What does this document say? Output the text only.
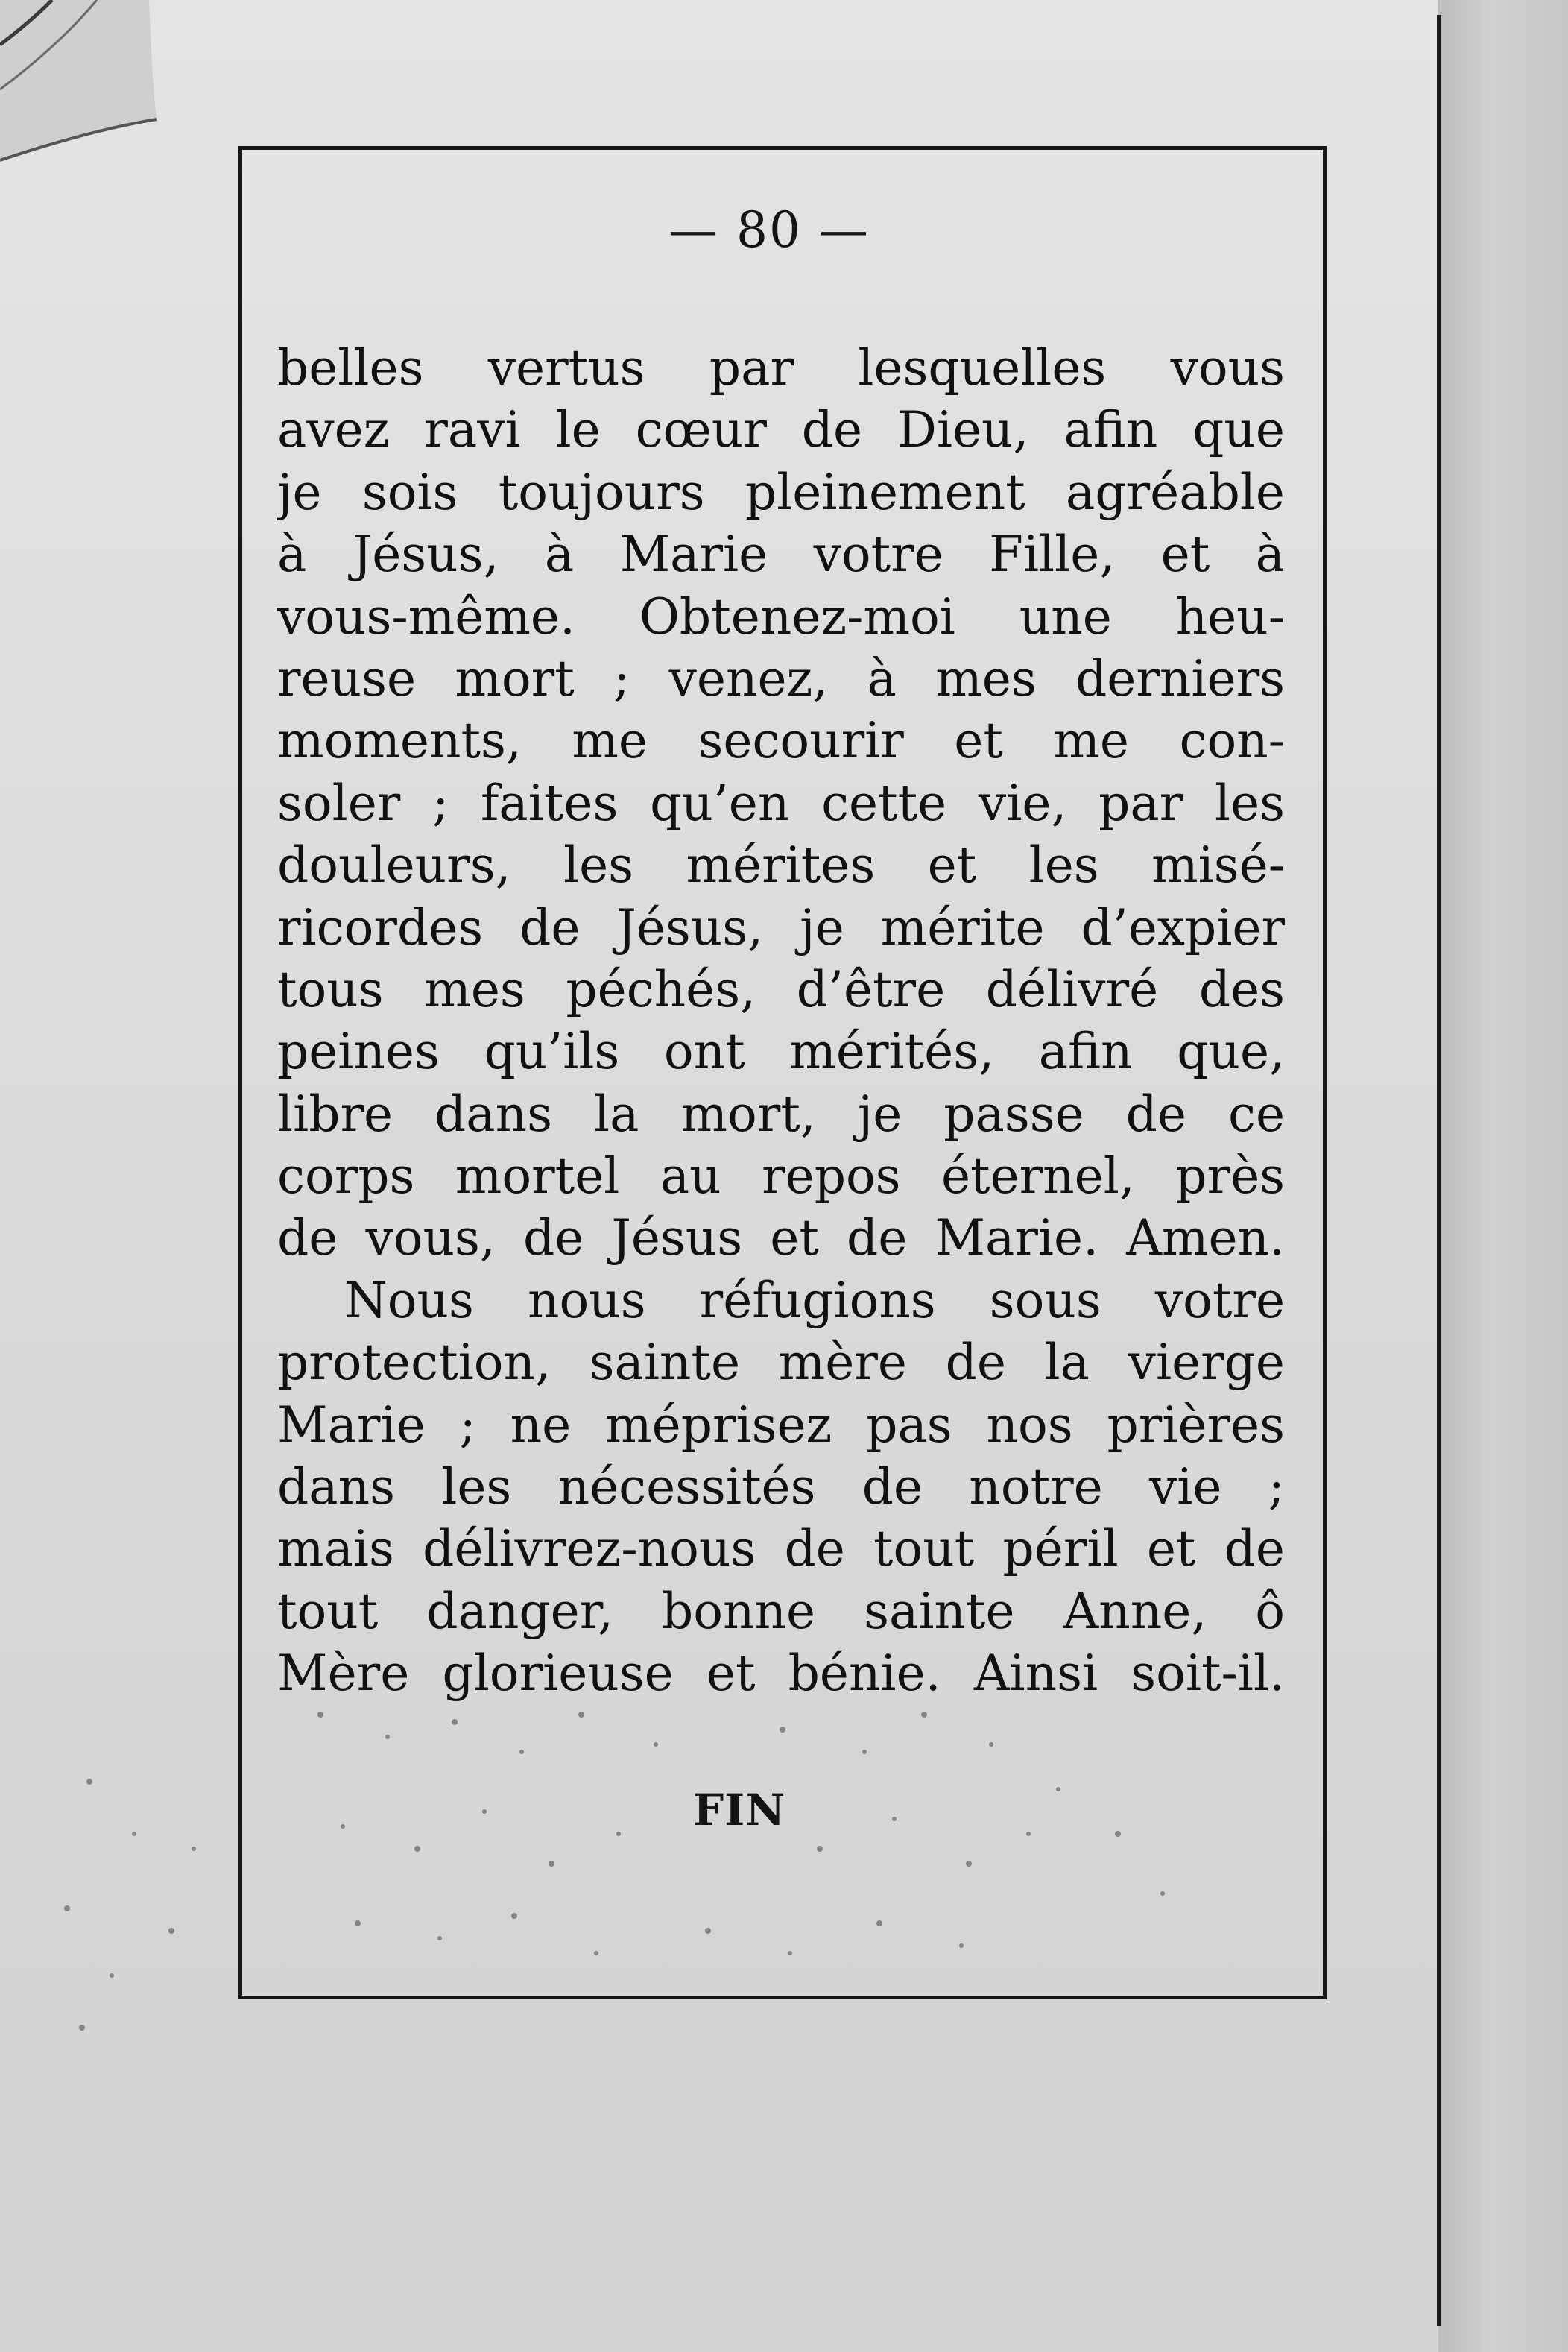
— 80 —
belles vertus par lesquelles vous
avez ravi le cœur de Dieu, afin que
je sois toujours pleinement agréable
à Jésus, à Marie votre Fille, et à
vous-même. Obtenez-moi une heu-
reuse mort ; venez, à mes derniers
moments, me secourir et me con-
soler ; faites qu’en cette vie, par les
douleurs, les mérites et les misé-
ricordes de Jésus, je mérite d’expier
tous mes péchés, d’être délivré des
peines qu’ils ont mérités, afin que,
libre dans la mort, je passe de ce
corps mortel au repos éternel, près
de vous, de Jésus et de Marie. Amen.
Nous nous réfugions sous votre
protection, sainte mère de la vierge
Marie ; ne méprisez pas nos prières
dans les nécessités de notre vie ;
mais délivrez-nous de tout péril et de
tout danger, bonne sainte Anne, ô
Mère glorieuse et bénie. Ainsi soit-il.
FIN
